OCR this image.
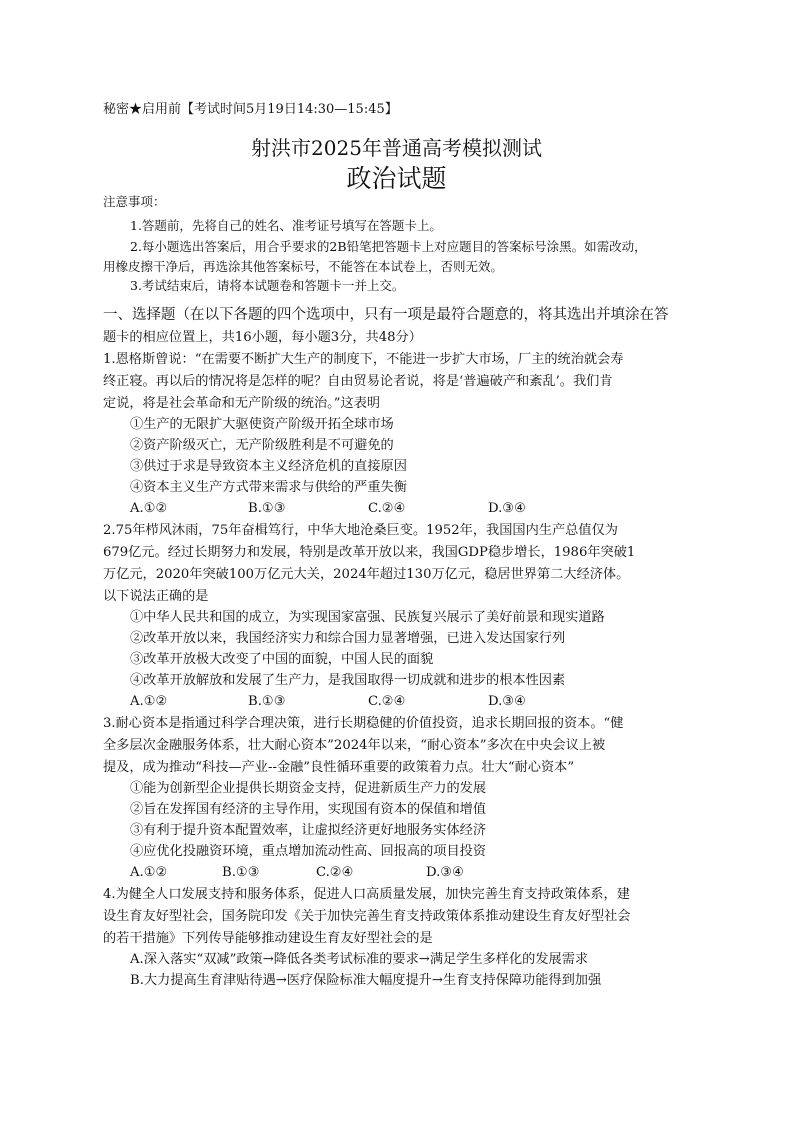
秘密★启用前【考试时间5月19日14:30—15:45】
射洪市2025年普通高考模拟测试
政治试题
注意事项：
1.答题前，先将自己的姓名、准考证号填写在答题卡上。
2.每小题选出答案后，用合乎要求的2B铅笔把答题卡上对应题目的答案标号涂黑。如需改动，
用橡皮擦干净后，再选涂其他答案标号，不能答在本试卷上，否则无效。
3.考试结束后，请将本试题卷和答题卡一并上交。
一、选择题（在以下各题的四个选项中，只有一项是最符合题意的，将其选出并填涂在答
题卡的相应位置上，共16小题，每小题3分，共48分）
1.恩格斯曾说：“在需要不断扩大生产的制度下，不能进一步扩大市场，厂主的统治就会寿
终正寝。再以后的情况将是怎样的呢？自由贸易论者说，将是‘普遍破产和紊乱’。我们肯
定说，将是社会革命和无产阶级的统治。”这表明
①生产的无限扩大驱使资产阶级开拓全球市场
②资产阶级灭亡，无产阶级胜利是不可避免的
③供过于求是导致资本主义经济危机的直接原因
④资本主义生产方式带来需求与供给的严重失衡
A.①②	B.①③	C.②④	D.③④
2.75年栉风沐雨，75年奋楫笃行，中华大地沧桑巨变。1952年，我国国内生产总值仅为
679亿元。经过长期努力和发展，特别是改革开放以来，我国GDP稳步增长，1986年突破1
万亿元，2020年突破100万亿元大关，2024年超过130万亿元，稳居世界第二大经济体。
以下说法正确的是
①中华人民共和国的成立，为实现国家富强、民族复兴展示了美好前景和现实道路
②改革开放以来，我国经济实力和综合国力显著增强，已进入发达国家行列
③改革开放极大改变了中国的面貌，中国人民的面貌
④改革开放解放和发展了生产力，是我国取得一切成就和进步的根本性因素
A.①②	B.①③	C.②④	D.③④
3.耐心资本是指通过科学合理决策，进行长期稳健的价值投资，追求长期回报的资本。“健
全多层次金融服务体系，壮大耐心资本”2024年以来，“耐心资本”多次在中央会议上被
提及，成为推动“科技—产业--金融”良性循环重要的政策着力点。壮大“耐心资本”
①能为创新型企业提供长期资金支持，促进新质生产力的发展
②旨在发挥国有经济的主导作用，实现国有资本的保值和增值
③有利于提升资本配置效率，让虚拟经济更好地服务实体经济
④应优化投融资环境，重点增加流动性高、回报高的项目投资
A.①②	B.①③	C.②④	D.③④
4.为健全人口发展支持和服务体系，促进人口高质量发展，加快完善生育支持政策体系，建
设生育友好型社会，国务院印发《关于加快完善生育支持政策体系推动建设生育友好型社会
的若干措施》下列传导能够推动建设生育友好型社会的是
A.深入落实“双减”政策→降低各类考试标准的要求→满足学生多样化的发展需求
B.大力提高生育津贴待遇→医疗保险标准大幅度提升→生育支持保障功能得到加强
